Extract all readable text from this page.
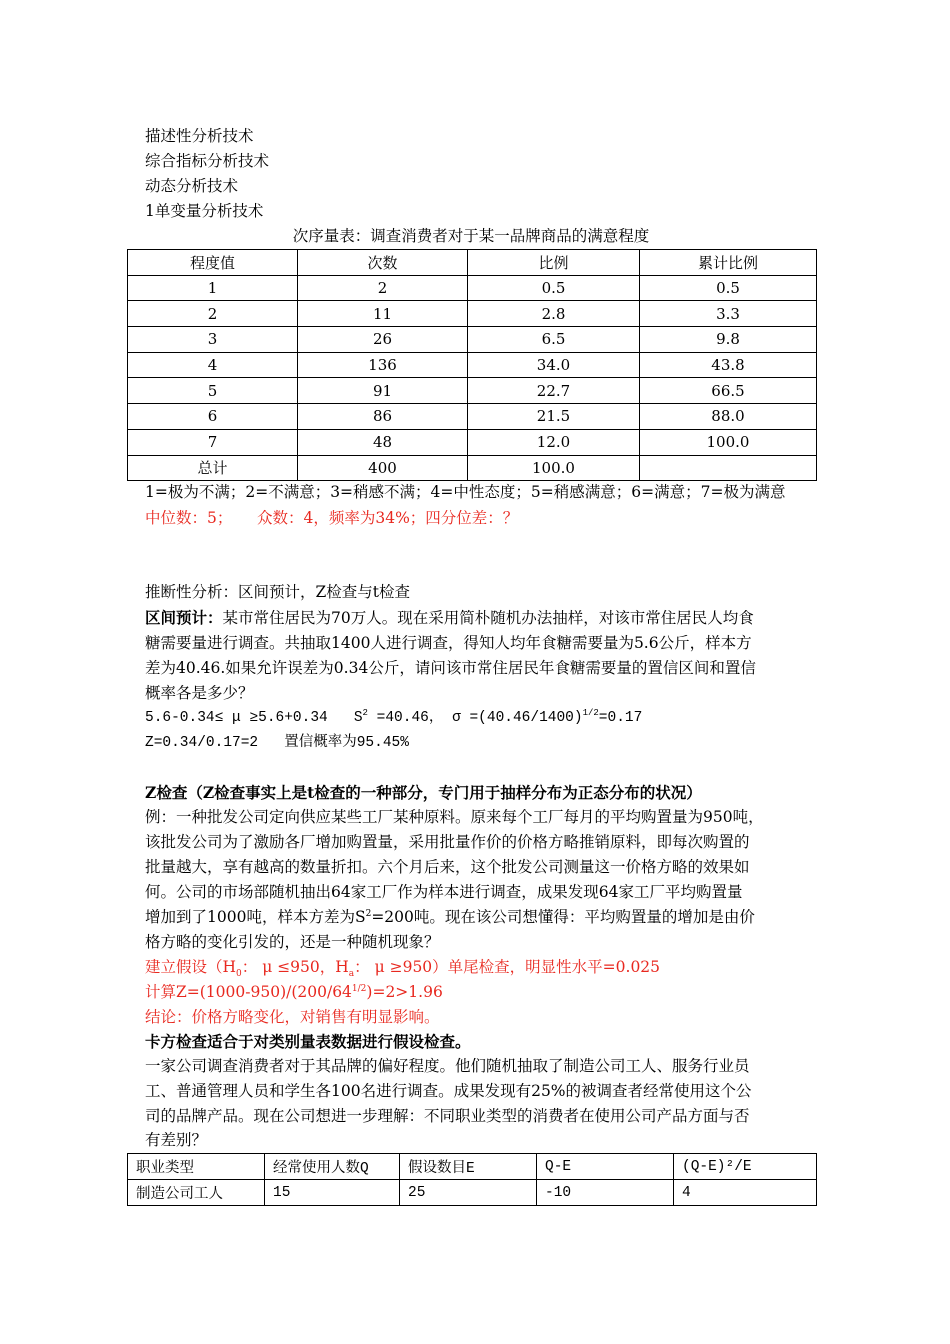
描述性分析技术
综合指标分析技术
动态分析技术
1单变量分析技术
次序量表：调查消费者对于某一品牌商品的满意程度
程度值	次数	比例	累计比例
1	2	0.5	0.5
2	11	2.8	3.3
3	26	6.5	9.8
4	136	34.0	43.8
5	91	22.7	66.5
6	86	21.5	88.0
7	48	12.0	100.0
总计	400	100.0	
1=极为不满；2=不满意；3=稍感不满；4=中性态度；5=稍感满意；6=满意；7=极为满意
中位数：5；     众数：4，频率为34%；四分位差：？
推断性分析：区间预计，Z检查与t检查
区间预计：某市常住居民为70万人。现在采用简朴随机办法抽样，对该市常住居民人均食
糖需要量进行调查。共抽取1400人进行调查，得知人均年食糖需要量为5.6公斤，样本方
差为40.46.如果允许误差为0.34公斤，请问该市常住居民年食糖需要量的置信区间和置信
概率各是多少？
5.6-0.34≤ μ ≥5.6+0.34   $S^2 =40.46$， $\sigma =(40.46/1400)^{1/2}=0.17$
Z=0.34/0.17=2   置信概率为95.45%
Z检查（Z检查事实上是t检查的一种部分，专门用于抽样分布为正态分布的状况）
例：一种批发公司定向供应某些工厂某种原料。原来每个工厂每月的平均购置量为950吨，
该批发公司为了激励各厂增加购置量，采用批量作价的价格方略推销原料，即每次购置的
批量越大，享有越高的数量折扣。六个月后来，这个批发公司测量这一价格方略的效果如
何。公司的市场部随机抽出64家工厂作为样本进行调查，成果发现64家工厂平均购置量
增加到了1000吨，样本方差为$S^2=200$吨。现在该公司想懂得：平均购置量的增加是由价
格方略的变化引发的，还是一种随机现象？
建立假设（$H_0$： μ ≤950，$H_a$： μ ≥950）单尾检查，明显性水平=0.025
计算$Z=(1000-950)/(200/64^{1/2})=2>1.96$
结论：价格方略变化，对销售有明显影响。
卡方检查适合于对类别量表数据进行假设检查。
一家公司调查消费者对于其品牌的偏好程度。他们随机抽取了制造公司工人、服务行业员
工、普通管理人员和学生各100名进行调查。成果发现有25%的被调查者经常使用这个公
司的品牌产品。现在公司想进一步理解：不同职业类型的消费者在使用公司产品方面与否
有差别？
职业类型	经常使用人数Q	假设数目E	Q-E	(Q-E)²/E
制造公司工人	15	25	-10	4
